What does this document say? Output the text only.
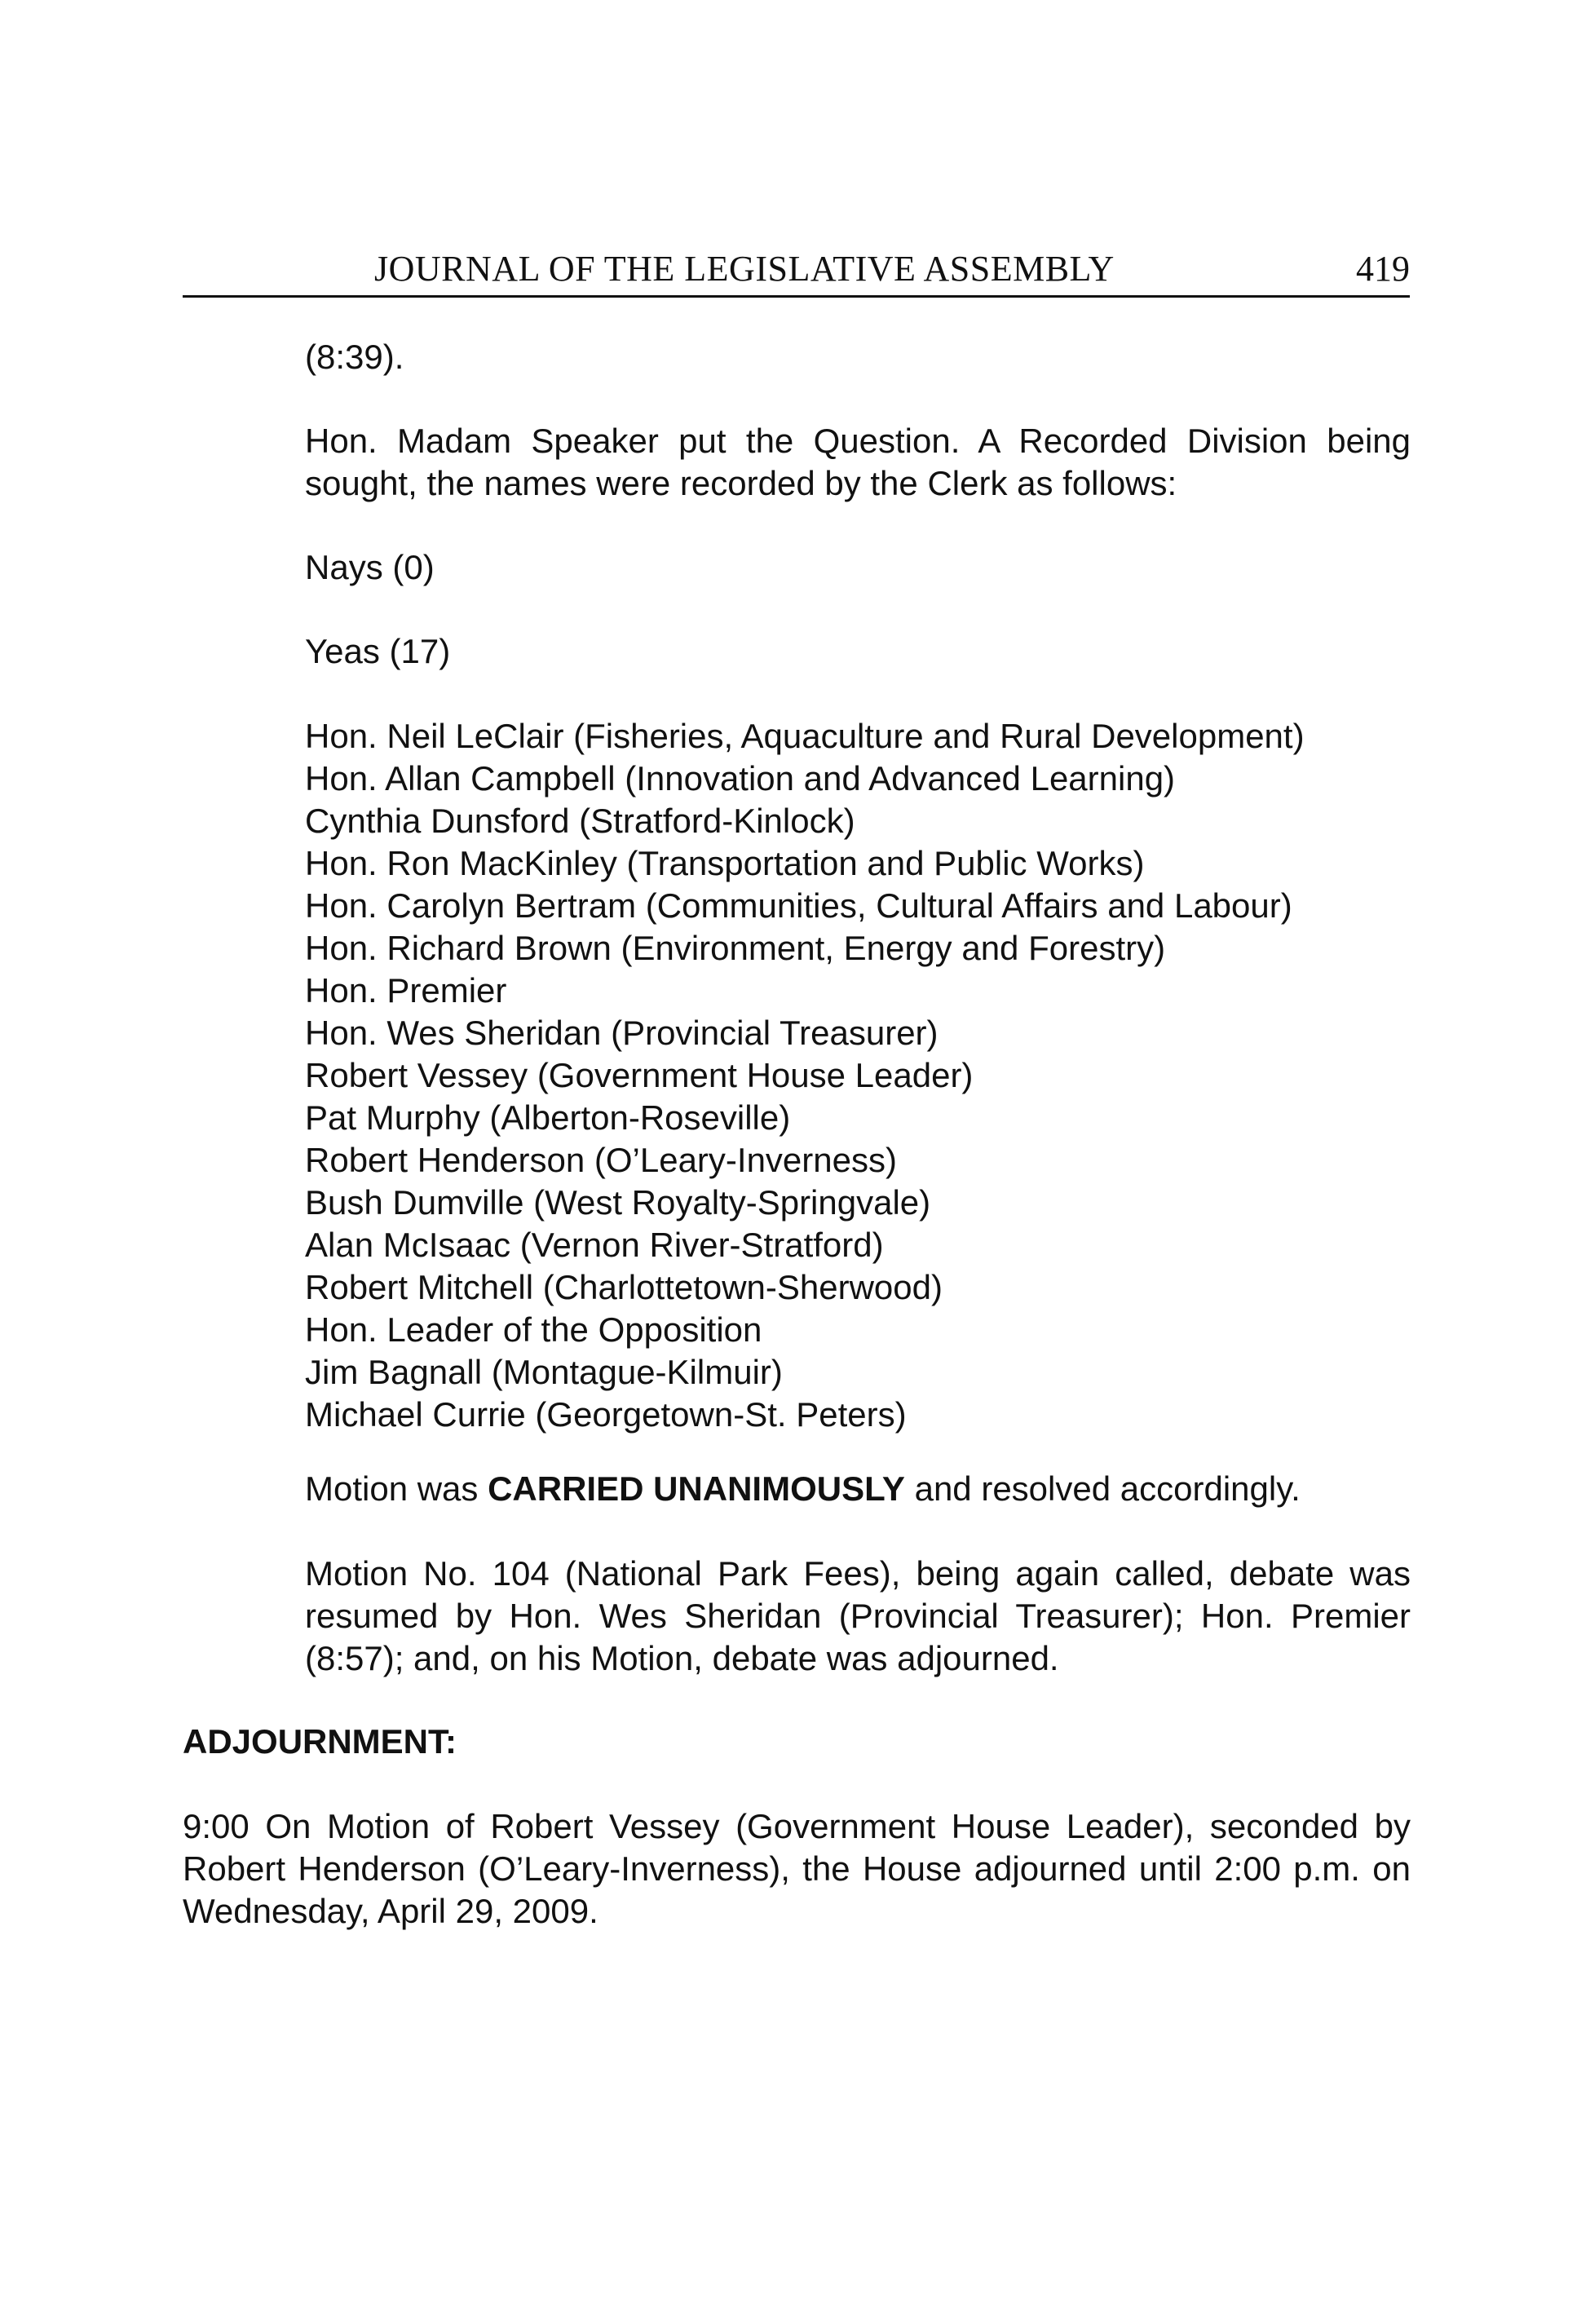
JOURNAL OF THE LEGISLATIVE ASSEMBLY	419

(8:39).

Hon. Madam Speaker put the Question. A Recorded Division being sought, the names were recorded by the Clerk as follows:

Nays (0)

Yeas (17)

Hon. Neil LeClair (Fisheries, Aquaculture and Rural Development)
Hon. Allan Campbell (Innovation and Advanced Learning)
Cynthia Dunsford (Stratford-Kinlock)
Hon. Ron MacKinley (Transportation and Public Works)
Hon. Carolyn Bertram (Communities, Cultural Affairs and Labour)
Hon. Richard Brown (Environment, Energy and Forestry)
Hon. Premier
Hon. Wes Sheridan (Provincial Treasurer)
Robert Vessey (Government House Leader)
Pat Murphy (Alberton-Roseville)
Robert Henderson (O’Leary-Inverness)
Bush Dumville (West Royalty-Springvale)
Alan McIsaac (Vernon River-Stratford)
Robert Mitchell (Charlottetown-Sherwood)
Hon. Leader of the Opposition
Jim Bagnall (Montague-Kilmuir)
Michael Currie (Georgetown-St. Peters)

Motion was CARRIED UNANIMOUSLY and resolved accordingly.

Motion No. 104 (National Park Fees), being again called, debate was resumed by Hon. Wes Sheridan (Provincial Treasurer); Hon. Premier (8:57); and, on his Motion, debate was adjourned.

ADJOURNMENT:

9:00 On Motion of Robert Vessey (Government House Leader), seconded by Robert Henderson (O’Leary-Inverness), the House adjourned until 2:00 p.m. on Wednesday, April 29, 2009.
